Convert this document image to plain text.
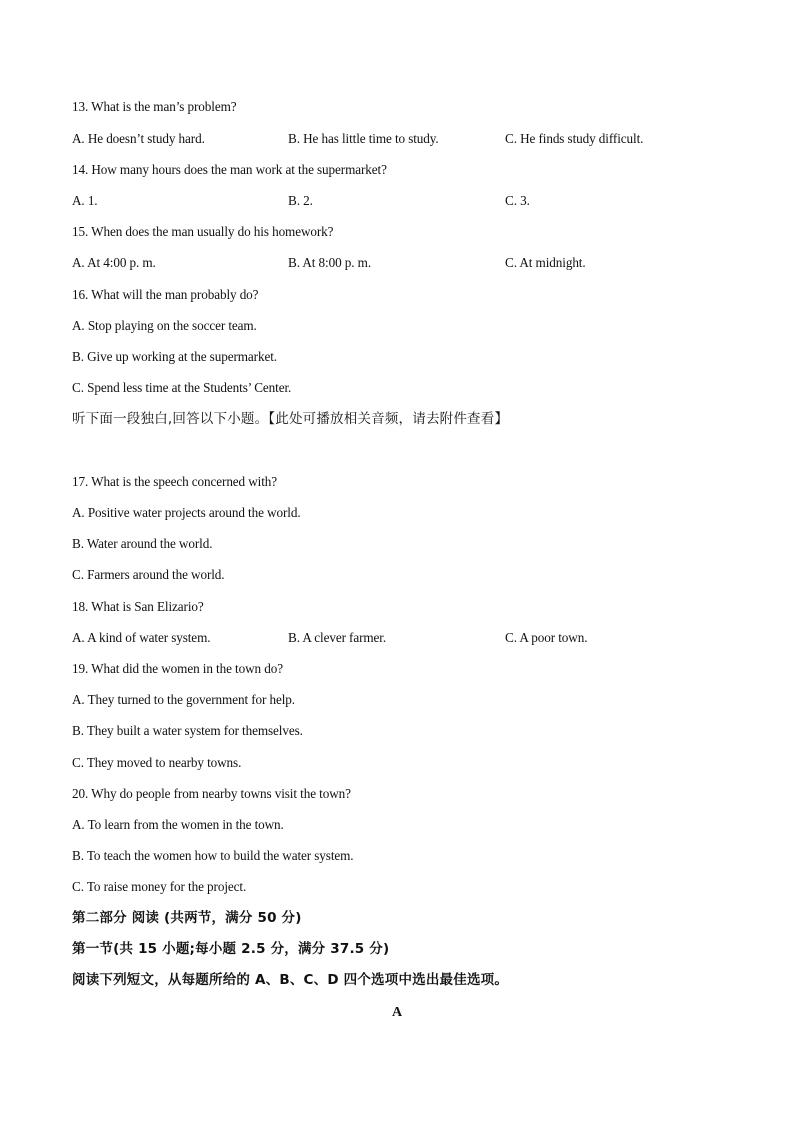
13. What is the man’s problem?
A. He doesn’t study hard.	B. He has little time to study.	C. He finds study difficult.
14. How many hours does the man work at the supermarket?
A. 1.	B. 2.	C. 3.
15. When does the man usually do his homework?
A. At 4:00 p. m.	B. At 8:00 p. m.	C. At midnight.
16. What will the man probably do?
A. Stop playing on the soccer team.
B. Give up working at the supermarket.
C. Spend less time at the Students’ Center.
听下面一段独白,回答以下小题。【此处可播放相关音频，请去附件查看】
17. What is the speech concerned with?
A. Positive water projects around the world.
B. Water around the world.
C. Farmers around the world.
18. What is San Elizario?
A. A kind of water system.	B. A clever farmer.	C. A poor town.
19. What did the women in the town do?
A. They turned to the government for help.
B. They built a water system for themselves.
C. They moved to nearby towns.
20. Why do people from nearby towns visit the town?
A. To learn from the women in the town.
B. To teach the women how to build the water system.
C. To raise money for the project.
第二部分 阅读 (共两节，满分 50 分)
第一节(共 15 小题;每小题 2.5 分，满分 37.5 分)
阅读下列短文，从每题所给的 A、B、C、D 四个选项中选出最佳选项。
A
